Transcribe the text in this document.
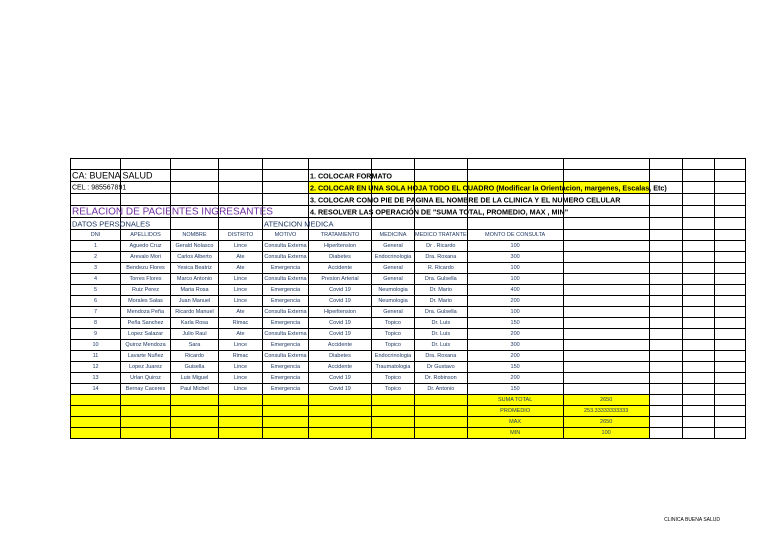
CA: BUENA SALUD					1. COLOCAR FORMATO							

CEL : 985567891					2. COLOCAR EN UNA SOLA HOJA TODO EL CUADRO (Modificar la Orientacion, margenes, Escalas, Etc)							

					3. COLOCAR COMO PIE DE PAGINA EL NOMBRE DE LA CLINICA Y EL NUMERO CELULAR							

RELACION DE PACIENTES INGRESANTES					4. RESOLVER LAS OPERACIÓN DE "SUMA TOTAL, PROMEDIO, MAX , MIN"							

DATOS PERSONALES				ATENCION MEDICA								

DNI	APELLIDOS	NOMBRE	DISTRITO	MOTIVO	TRATAMIENTO	MEDICINA	MEDICO TRATANTE	MONTO DE CONSULTA				
1	Aguedo Cruz	Gerald Nolasco	Lince	Consulta Externa	Hiperltension	General	Dr . Ricardo	100				
2	Arevalo Mori	Carlos Alberto	Ate	Consulta Externa	Diabetes	Endocrinologia	Dra. Roxana	300				
3	Bendezu Flores	Yesica Beatriz	Ate	Emergencia	Accidente	General	R. Ricardo	100				
4	Torres Flores	Marco Antonio	Lince	Consulta Externa	Presion Arterial	General	Dra. Gulsella	100				
5	Ruiz Perez	Maria Rosa	Lince	Emergencia	Covid 19	Neumologia	Dr. Mario	400				
6	Morales Salas	Juan Manuel	Lince	Emergencia	Covid 19	Neumologia	Dr. Mario	200				
7	Mendoza Peña	Ricardo Manuel	Ate	Consulta Externa	Hiperltension	General	Dra. Gulsella	100				
8	Peña Sanchez	Karla Rosa	Rimac	Emergencia	Covid 19	Topico	Dr. Luis	150				
9	Lopez Salazar	Julio Raul	Ate	Consulta Externa	Covid 19	Topico	Dr. Luis	200				
10	Quiroz Mendoza	Sara	Lince	Emergencia	Accidente	Topico	Dr. Luis	300				
11	Lavarte Nuñez	Ricardo	Rimac	Consulta Externa	Diabetes	Endocrinologia	Dra. Roxana	200				
12	Lopez Juarez	Guisella	Lince	Emergencia	Accidente	Traumatologia	Dr Gustavo	150				
13	Urlan Quiroz	Luis Miguel	Lince	Emergencia	Covid 19	Topico	Dr. Robinson	200				
14	Bernay Caceres	Paul Michel	Lince	Emergencia	Covid 19	Topico	Dr. Antonio	150				
								SUMA TOTAL	2650			
								PROMEDIO	253.33333333333			
								MAX	2650			
								MIN	100			
CLINICA BUENA SALUD
